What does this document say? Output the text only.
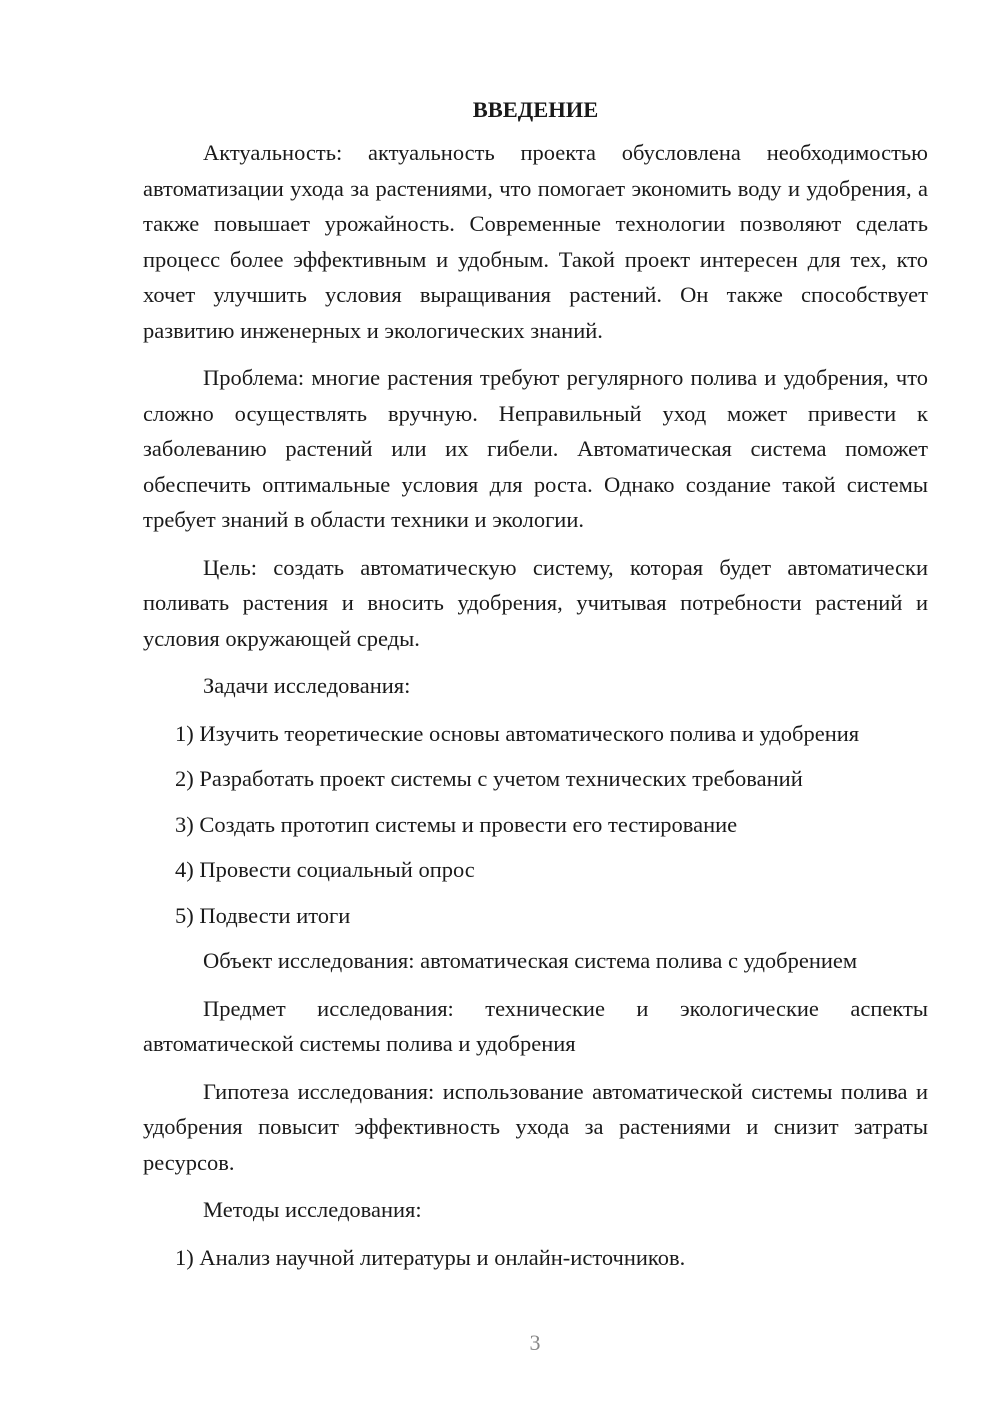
ВВЕДЕНИЕ

Актуальность: актуальность проекта обусловлена необходимостью автоматизации ухода за растениями, что помогает экономить воду и удобрения, а также повышает урожайность. Современные технологии позволяют сделать процесс более эффективным и удобным. Такой проект интересен для тех, кто хочет улучшить условия выращивания растений. Он также способствует развитию инженерных и экологических знаний.

Проблема: многие растения требуют регулярного полива и удобрения, что сложно осуществлять вручную. Неправильный уход может привести к заболеванию растений или их гибели. Автоматическая система поможет обеспечить оптимальные условия для роста. Однако создание такой системы требует знаний в области техники и экологии.

Цель: создать автоматическую систему, которая будет автоматически поливать растения и вносить удобрения, учитывая потребности растений и условия окружающей среды.

Задачи исследования:

1) Изучить теоретические основы автоматического полива и удобрения

2) Разработать проект системы с учетом технических требований

3) Создать прототип системы и провести его тестирование

4) Провести социальный опрос

5) Подвести итоги

Объект исследования: автоматическая система полива с удобрением

Предмет исследования: технические и экологические аспекты автоматической системы полива и удобрения

Гипотеза исследования: использование автоматической системы полива и удобрения повысит эффективность ухода за растениями и снизит затраты ресурсов.

Методы исследования:

1) Анализ научной литературы и онлайн-источников.

3
